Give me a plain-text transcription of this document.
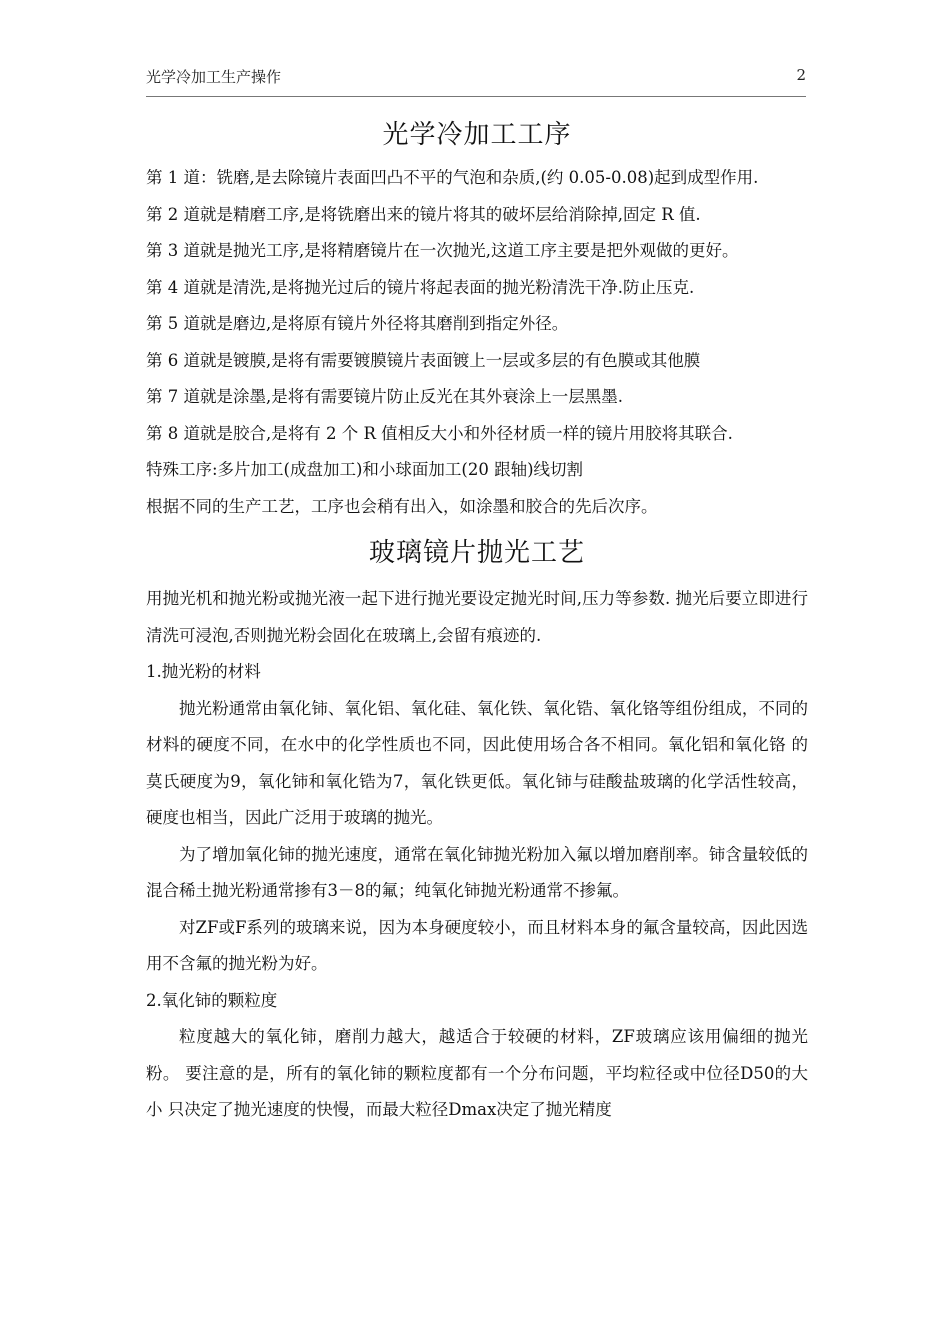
光学冷加工生产操作	2
光学冷加工工序

第 1 道：铣磨,是去除镜片表面凹凸不平的气泡和杂质,(约 0.05-0.08)起到成型作用.

第 2 道就是精磨工序,是将铣磨出来的镜片将其的破坏层给消除掉,固定 R 值.

第 3 道就是抛光工序,是将精磨镜片在一次抛光,这道工序主要是把外观做的更好。

第 4 道就是清洗,是将抛光过后的镜片将起表面的抛光粉清洗干净.防止压克.

第 5 道就是磨边,是将原有镜片外径将其磨削到指定外径。

第 6 道就是镀膜,是将有需要镀膜镜片表面镀上一层或多层的有色膜或其他膜

第 7 道就是涂墨,是将有需要镜片防止反光在其外衰涂上一层黑墨.

第 8 道就是胶合,是将有 2 个 R 值相反大小和外径材质一样的镜片用胶将其联合.

特殊工序:多片加工(成盘加工)和小球面加工(20 跟轴)线切割

根据不同的生产工艺，工序也会稍有出入，如涂墨和胶合的先后次序。

玻璃镜片抛光工艺

用抛光机和抛光粉或抛光液一起下进行抛光要设定抛光时间,压力等参数. 抛光后要立即进行清洗可浸泡,否则抛光粉会固化在玻璃上,会留有痕迹的.

1.抛光粉的材料

抛光粉通常由氧化铈、氧化铝、氧化硅、氧化铁、氧化锆、氧化铬等组份组成，不同的 材料的硬度不同，在水中的化学性质也不同，因此使用场合各不相同。氧化铝和氧化铬 的莫氏硬度为9，氧化铈和氧化锆为7，氧化铁更低。氧化铈与硅酸盐玻璃的化学活性较高，硬度也相当，因此广泛用于玻璃的抛光。

为了增加氧化铈的抛光速度，通常在氧化铈抛光粉加入氟以增加磨削率。铈含量较低的 混合稀土抛光粉通常掺有3－8的氟；纯氧化铈抛光粉通常不掺氟。

对ZF或F系列的玻璃来说，因为本身硬度较小，而且材料本身的氟含量较高，因此因选 用不含氟的抛光粉为好。

2.氧化铈的颗粒度

粒度越大的氧化铈，磨削力越大，越适合于较硬的材料，ZF玻璃应该用偏细的抛光粉。 要注意的是，所有的氧化铈的颗粒度都有一个分布问题，平均粒径或中位径D50的大小 只决定了抛光速度的快慢，而最大粒径Dmax决定了抛光精度
